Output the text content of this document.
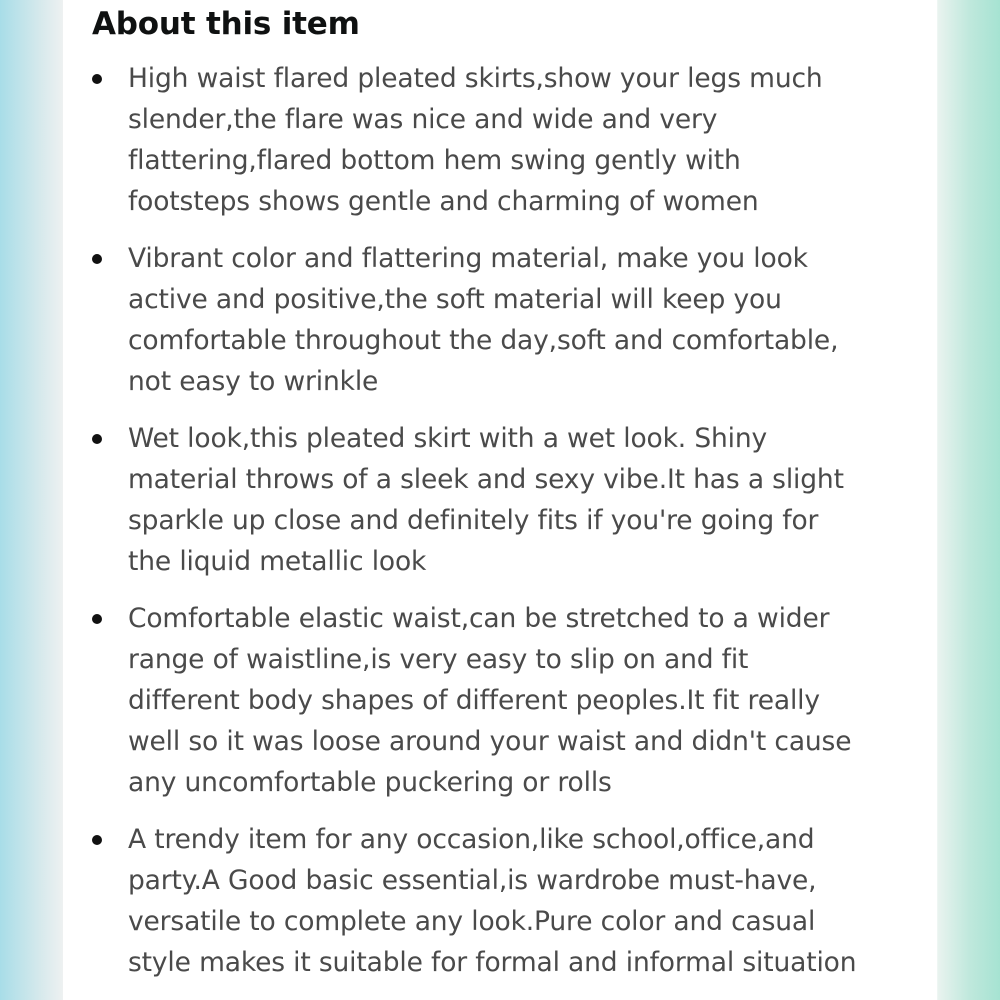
About this item
High waist flared pleated skirts,show your legs much
slender,the flare was nice and wide and very
flattering,flared bottom hem swing gently with
footsteps shows gentle and charming of women
Vibrant color and flattering material, make you look
active and positive,the soft material will keep you
comfortable throughout the day,soft and comfortable,
not easy to wrinkle
Wet look,this pleated skirt with a wet look. Shiny
material throws of a sleek and sexy vibe.It has a slight
sparkle up close and definitely fits if you're going for
the liquid metallic look
Comfortable elastic waist,can be stretched to a wider
range of waistline,is very easy to slip on and fit
different body shapes of different peoples.It fit really
well so it was loose around your waist and didn't cause
any uncomfortable puckering or rolls
A trendy item for any occasion,like school,office,and
party.A Good basic essential,is wardrobe must-have,
versatile to complete any look.Pure color and casual
style makes it suitable for formal and informal situation
